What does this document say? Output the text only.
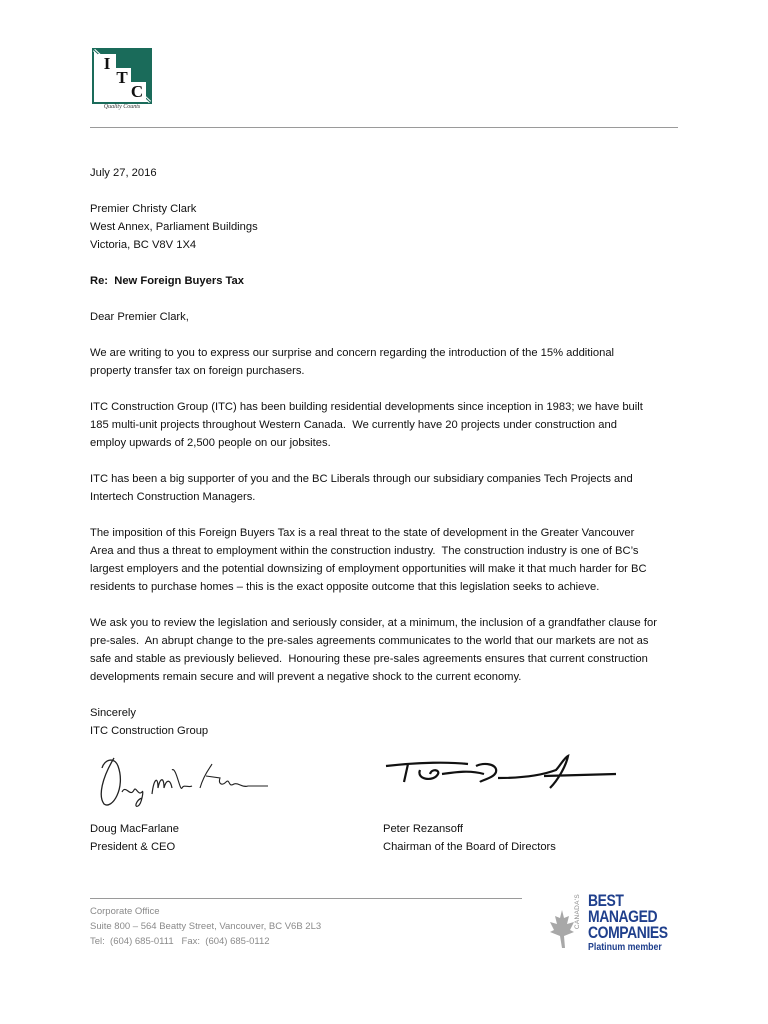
I
T
C
Quality Counts

July 27, 2016

Premier Christy Clark
West Annex, Parliament Buildings
Victoria, BC V8V 1X4

Re:  New Foreign Buyers Tax

Dear Premier Clark,

We are writing to you to express our surprise and concern regarding the introduction of the 15% additional
property transfer tax on foreign purchasers.

ITC Construction Group (ITC) has been building residential developments since inception in 1983; we have built
185 multi-unit projects throughout Western Canada.  We currently have 20 projects under construction and
employ upwards of 2,500 people on our jobsites.

ITC has been a big supporter of you and the BC Liberals through our subsidiary companies Tech Projects and
Intertech Construction Managers.

The imposition of this Foreign Buyers Tax is a real threat to the state of development in the Greater Vancouver
Area and thus a threat to employment within the construction industry.  The construction industry is one of BC’s
largest employers and the potential downsizing of employment opportunities will make it that much harder for BC
residents to purchase homes – this is the exact opposite outcome that this legislation seeks to achieve.

We ask you to review the legislation and seriously consider, at a minimum, the inclusion of a grandfather clause for
pre-sales.  An abrupt change to the pre-sales agreements communicates to the world that our markets are not as
safe and stable as previously believed.  Honouring these pre-sales agreements ensures that current construction
developments remain secure and will prevent a negative shock to the current economy.

Sincerely
ITC Construction Group

Doug MacFarlane
President & CEO
Peter Rezansoff
Chairman of the Board of Directors
Corporate Office
Suite 800 – 564 Beatty Street, Vancouver, BC V6B 2L3
Tel:  (604) 685-0111   Fax:  (604) 685-0112
CANADA'S BEST
MANAGED
COMPANIES
Platinum member
